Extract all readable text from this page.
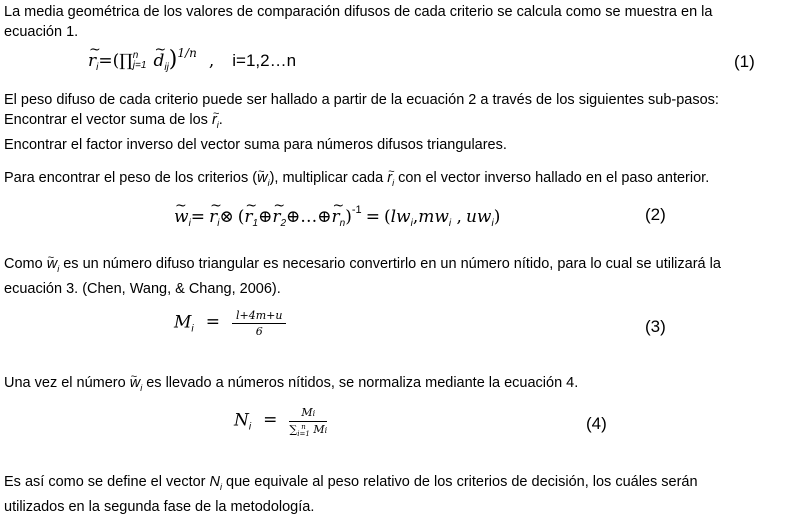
La media geométrica de los valores de comparación difusos de cada criterio se calcula como se muestra en la
ecuación 1.
~ $r_i=(\prod$ n
j=1 ~ $d_{ij})^{1/n}$ , i=1,2…n	(1)
El peso difuso de cada criterio puede ser hallado a partir de la ecuación 2 a través de los siguientes sub-pasos:
Encontrar el vector suma de los ~ $r_i$.
Encontrar el factor inverso del vector suma para números difusos triangulares.
Para encontrar el peso de los criterios (~ $w_i$), multiplicar cada ~ $r_i$ con el vector inverso hallado en el paso anterior.
~ $w_i=$ ~ $r_i\otimes$ (~ $r_1\oplus\sim$ $r_2\oplus\dots\oplus\sim$ $r_n)^{-1} = (lw_i,mw_i$ , $uw_i$)	(2)
Como ~ $w_i$ es un número difuso triangular es necesario convertirlo en un número nítido, para lo cual se utilizará la
ecuación 3. (Chen, Wang, & Chang, 2006).
$M_i = \frac{l+4m+u}{6}$	(3)
Una vez el número ~ $w_i$ es llevado a números nítidos, se normaliza mediante la ecuación 4.
$N_i = Mi$
∑ n
i=1 Mi	(4)
Es así como se define el vector $N_i$ que equivale al peso relativo de los criterios de decisión, los cuáles serán
utilizados en la segunda fase de la metodología.
